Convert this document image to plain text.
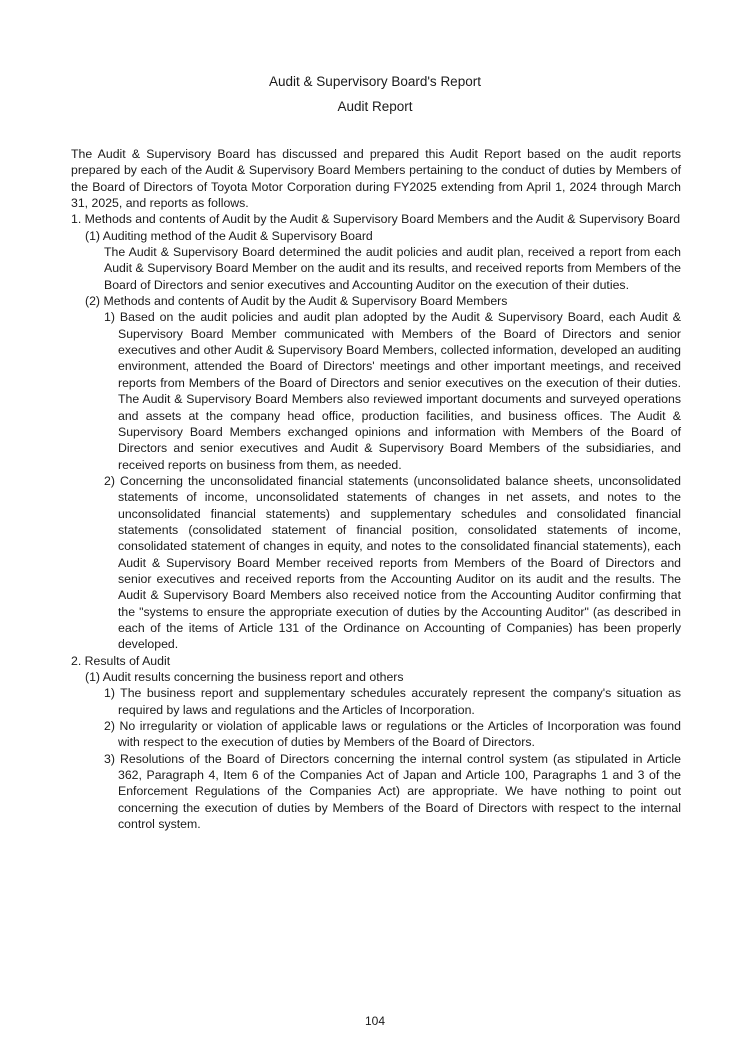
Audit & Supervisory Board's Report

Audit Report

The Audit & Supervisory Board has discussed and prepared this Audit Report based on the audit reports prepared by each of the Audit & Supervisory Board Members pertaining to the conduct of duties by Members of the Board of Directors of Toyota Motor Corporation during FY2025 extending from April 1, 2024 through March 31, 2025, and reports as follows.

1. Methods and contents of Audit by the Audit & Supervisory Board Members and the Audit & Supervisory Board

(1) Auditing method of the Audit & Supervisory Board

The Audit & Supervisory Board determined the audit policies and audit plan, received a report from each Audit & Supervisory Board Member on the audit and its results, and received reports from Members of the Board of Directors and senior executives and Accounting Auditor on the execution of their duties.

(2) Methods and contents of Audit by the Audit & Supervisory Board Members

1) Based on the audit policies and audit plan adopted by the Audit & Supervisory Board, each Audit & Supervisory Board Member communicated with Members of the Board of Directors and senior executives and other Audit & Supervisory Board Members, collected information, developed an auditing environment, attended the Board of Directors' meetings and other important meetings, and received reports from Members of the Board of Directors and senior executives on the execution of their duties. The Audit & Supervisory Board Members also reviewed important documents and surveyed operations and assets at the company head office, production facilities, and business offices. The Audit & Supervisory Board Members exchanged opinions and information with Members of the Board of Directors and senior executives and Audit & Supervisory Board Members of the subsidiaries, and received reports on business from them, as needed.

2) Concerning the unconsolidated financial statements (unconsolidated balance sheets, unconsolidated statements of income, unconsolidated statements of changes in net assets, and notes to the unconsolidated financial statements) and supplementary schedules and consolidated financial statements (consolidated statement of financial position, consolidated statements of income, consolidated statement of changes in equity, and notes to the consolidated financial statements), each Audit & Supervisory Board Member received reports from Members of the Board of Directors and senior executives and received reports from the Accounting Auditor on its audit and the results. The Audit & Supervisory Board Members also received notice from the Accounting Auditor confirming that the "systems to ensure the appropriate execution of duties by the Accounting Auditor" (as described in each of the items of Article 131 of the Ordinance on Accounting of Companies) has been properly developed.

2. Results of Audit

(1) Audit results concerning the business report and others

1) The business report and supplementary schedules accurately represent the company's situation as required by laws and regulations and the Articles of Incorporation.

2) No irregularity or violation of applicable laws or regulations or the Articles of Incorporation was found with respect to the execution of duties by Members of the Board of Directors.

3) Resolutions of the Board of Directors concerning the internal control system (as stipulated in Article 362, Paragraph 4, Item 6 of the Companies Act of Japan and Article 100, Paragraphs 1 and 3 of the Enforcement Regulations of the Companies Act) are appropriate. We have nothing to point out concerning the execution of duties by Members of the Board of Directors with respect to the internal control system.

104
